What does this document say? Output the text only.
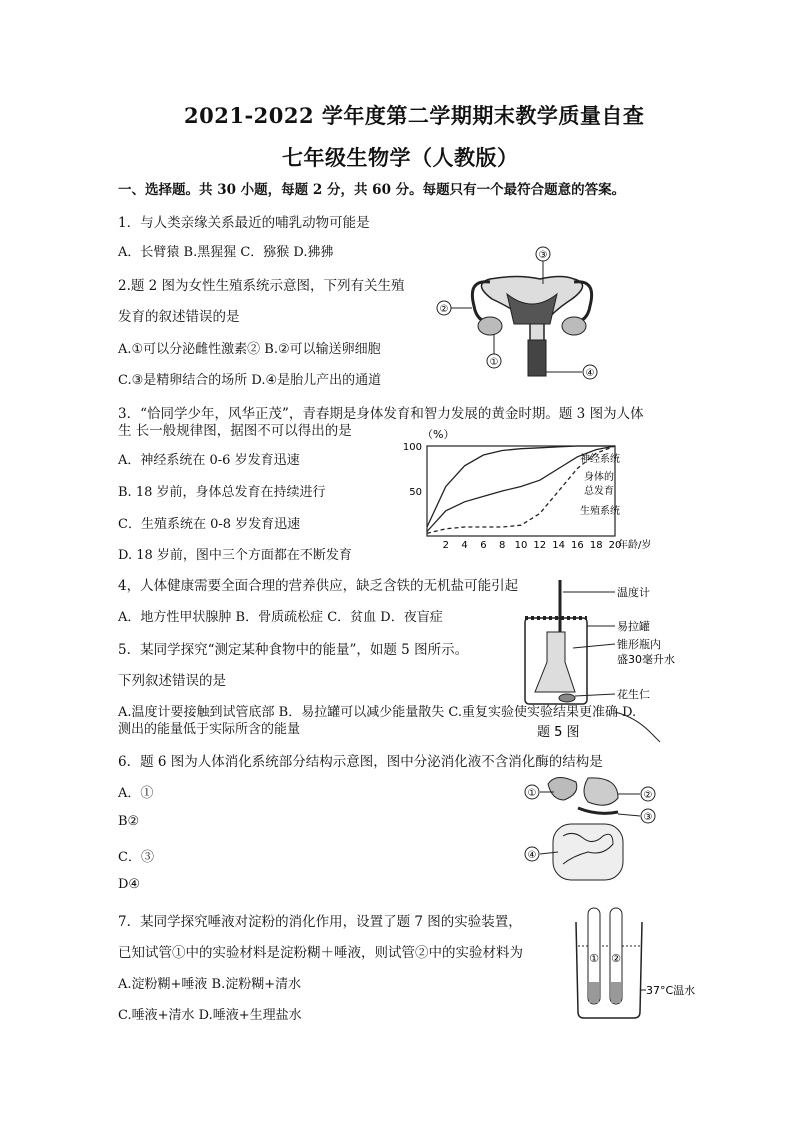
2021-2022 学年度第二学期期末教学质量自查
七年级生物学（人教版）
一、选择题。共 30 小题，每题 2 分，共 60 分。每题只有一个最符合题意的答案。
1．与人类亲缘关系最近的哺乳动物可能是
A．长臂猿 B.黑猩猩 C．猕猴 D.狒狒
2.题 2 图为女性生殖系统示意图，下列有关生殖
发育的叙述错误的是
A.①可以分泌雌性激素② B.②可以输送卵细胞
C.③是精卵结合的场所 D.④是胎儿产出的通道
③
②
①
④
3．“恰同学少年，风华正茂”，青春期是身体发育和智力发展的黄金时期。题 3 图为人体
生 长一般规律图，据图不可以得出的是
A．神经系统在 0-6 岁发育迅速
B. 18 岁前，身体总发育在持续进行
C．生殖系统在 0-8 岁发育迅速
D. 18 岁前，图中三个方面都在不断发育
（%）
100
50
2 4 6 8 10 12 14 16 18 20
年龄/岁
神经系统
身体的
总发育
生殖系统
4，人体健康需要全面合理的营养供应，缺乏含铁的无机盐可能引起
A．地方性甲状腺肿 B．骨质疏松症 C．贫血 D．夜盲症
5．某同学探究“测定某种食物中的能量”，如题 5 图所示。
下列叙述错误的是
A.温度计要接触到试管底部 B．易拉罐可以减少能量散失 C.重复实验使实验结果更准确 D.
测出的能量低于实际所含的能量
温度计
易拉罐
锥形瓶内
盛30毫升水
花生仁
题 5 图
6．题 6 图为人体消化系统部分结构示意图，图中分泌消化液不含消化酶的结构是
A．①
B②
C．③
D④
①	②
③
④
7．某同学探究唾液对淀粉的消化作用，设置了题 7 图的实验装置，
已知试管①中的实验材料是淀粉糊＋唾液，则试管②中的实验材料为
A.淀粉糊+唾液 B.淀粉糊+清水
C.唾液+清水 D.唾液+生理盐水
① ②
37°C温水
